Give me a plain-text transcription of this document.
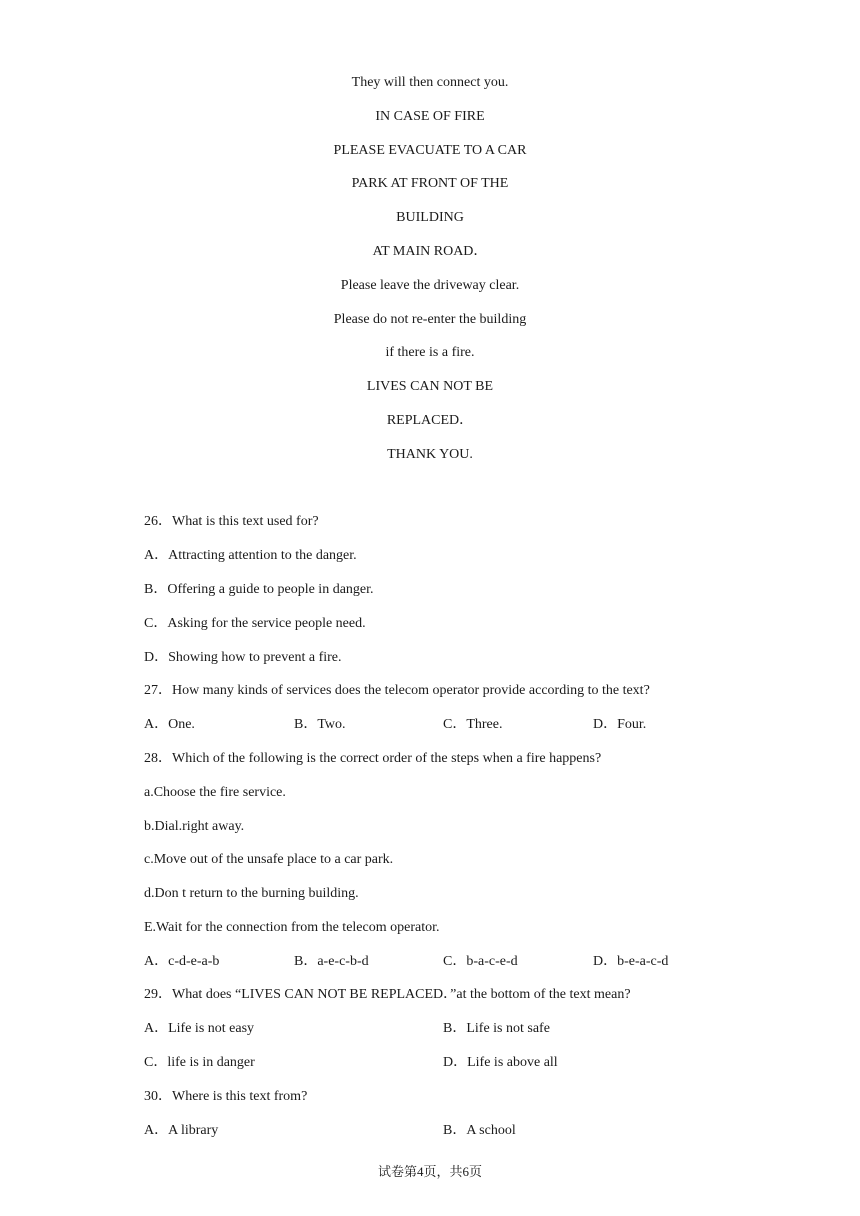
They will then connect you.
IN CASE OF FIRE
PLEASE EVACUATE TO A CAR
PARK AT FRONT OF THE
BUILDING
AT MAIN ROAD．
Please leave the driveway clear.
Please do not re-enter the building
if there is a fire.
LIVES CAN NOT BE
REPLACED．
THANK YOU.
26．What is this text used for?
A．Attracting attention to the danger.
B．Offering a guide to people in danger.
C．Asking for the service people need.
D．Showing how to prevent a fire.
27．How many kinds of services does the telecom operator provide according to the text?
A．One.	B．Two.	C．Three.	D．Four.
28．Which of the following is the correct order of the steps when a fire happens?
a.Choose the fire service.
b.Dial.right away.
c.Move out of the unsafe place to a car park.
d.Don t return to the burning building.
E.Wait for the connection from the telecom operator.
A．c-d-e-a-b	B．a-e-c-b-d	C．b-a-c-e-d	D．b-e-a-c-d
29．What does “LIVES CAN NOT BE REPLACED．”at the bottom of the text mean?
A．Life is not easy	B．Life is not safe
C．life is in danger	D．Life is above all
30．Where is this text from?
A．A library	B．A school
试卷第4页，共6页
